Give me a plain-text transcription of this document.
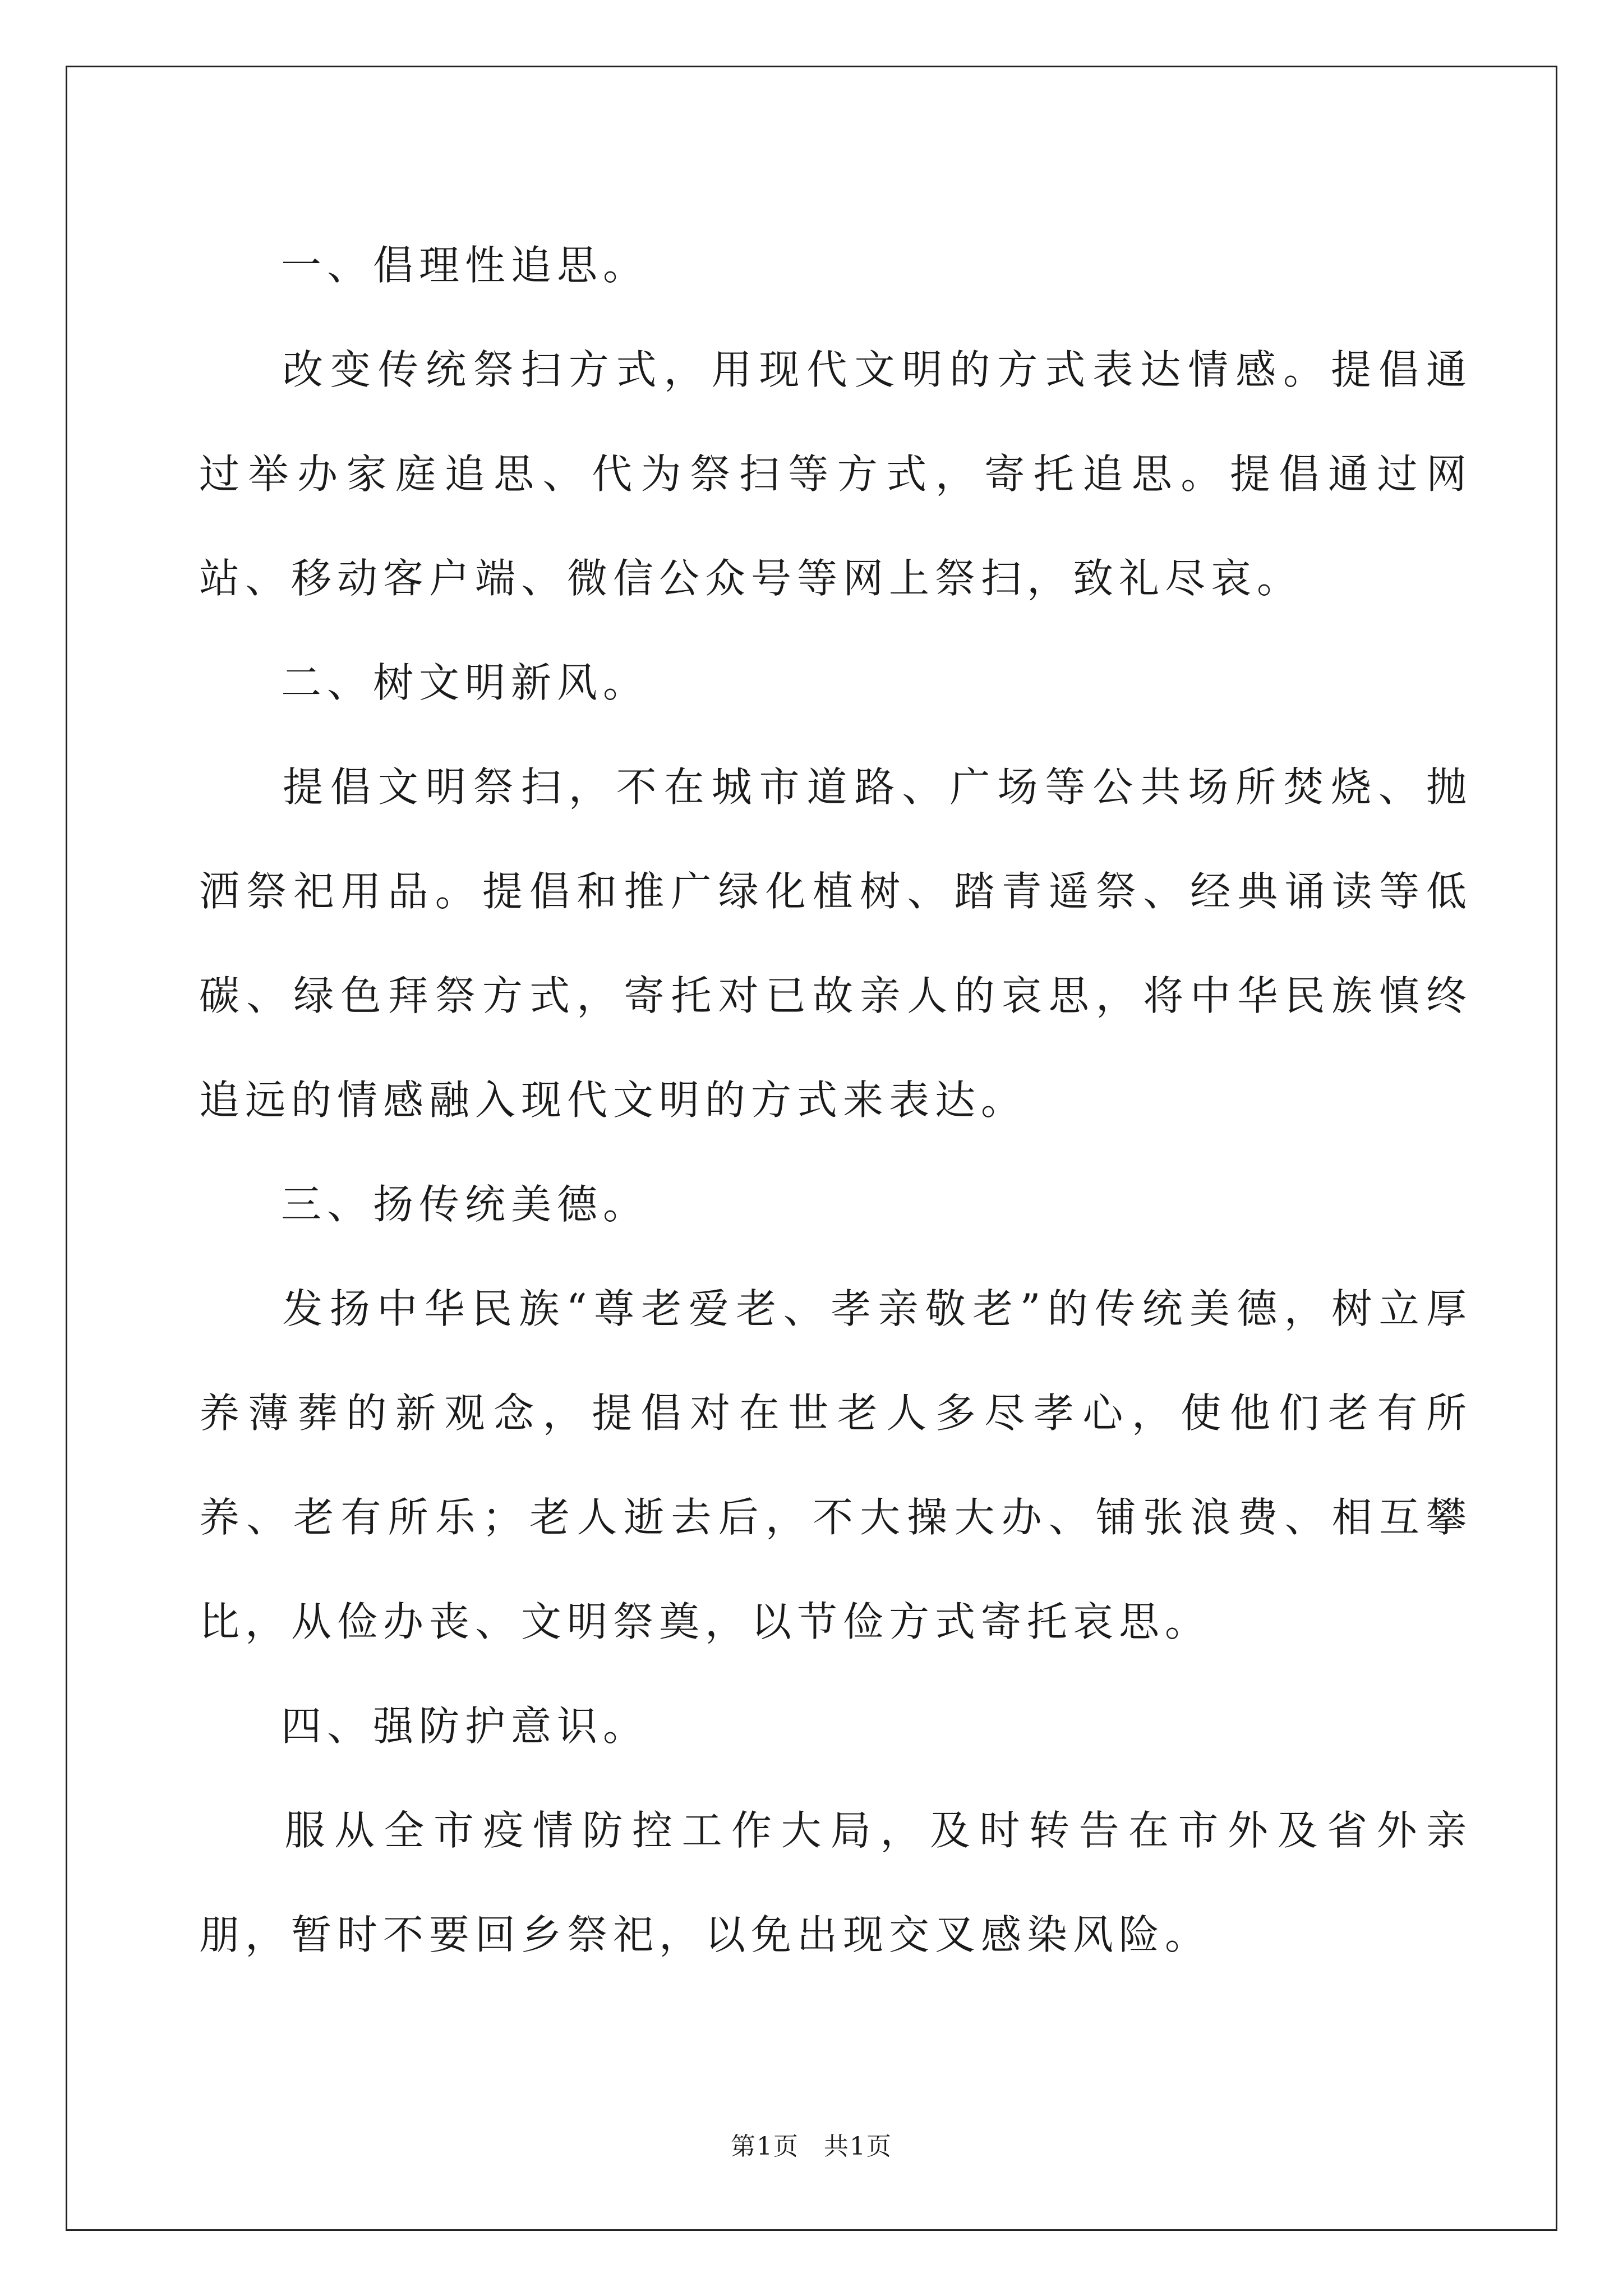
一、倡理性追思。

改变传统祭扫方式，用现代文明的方式表达情感。提倡通过举办家庭追思、代为祭扫等方式，寄托追思。提倡通过网站、移动客户端、微信公众号等网上祭扫，致礼尽哀。

二、树文明新风。

提倡文明祭扫，不在城市道路、广场等公共场所焚烧、抛洒祭祀用品。提倡和推广绿化植树、踏青遥祭、经典诵读等低碳、绿色拜祭方式，寄托对已故亲人的哀思，将中华民族慎终追远的情感融入现代文明的方式来表达。

三、扬传统美德。

发扬中华民族“尊老爱老、孝亲敬老”的传统美德，树立厚养薄葬的新观念，提倡对在世老人多尽孝心，使他们老有所养、老有所乐；老人逝去后，不大操大办、铺张浪费、相互攀比，从俭办丧、文明祭奠，以节俭方式寄托哀思。

四、强防护意识。

服从全市疫情防控工作大局，及时转告在市外及省外亲朋，暂时不要回乡祭祀，以免出现交叉感染风险。

第1页 共1页
